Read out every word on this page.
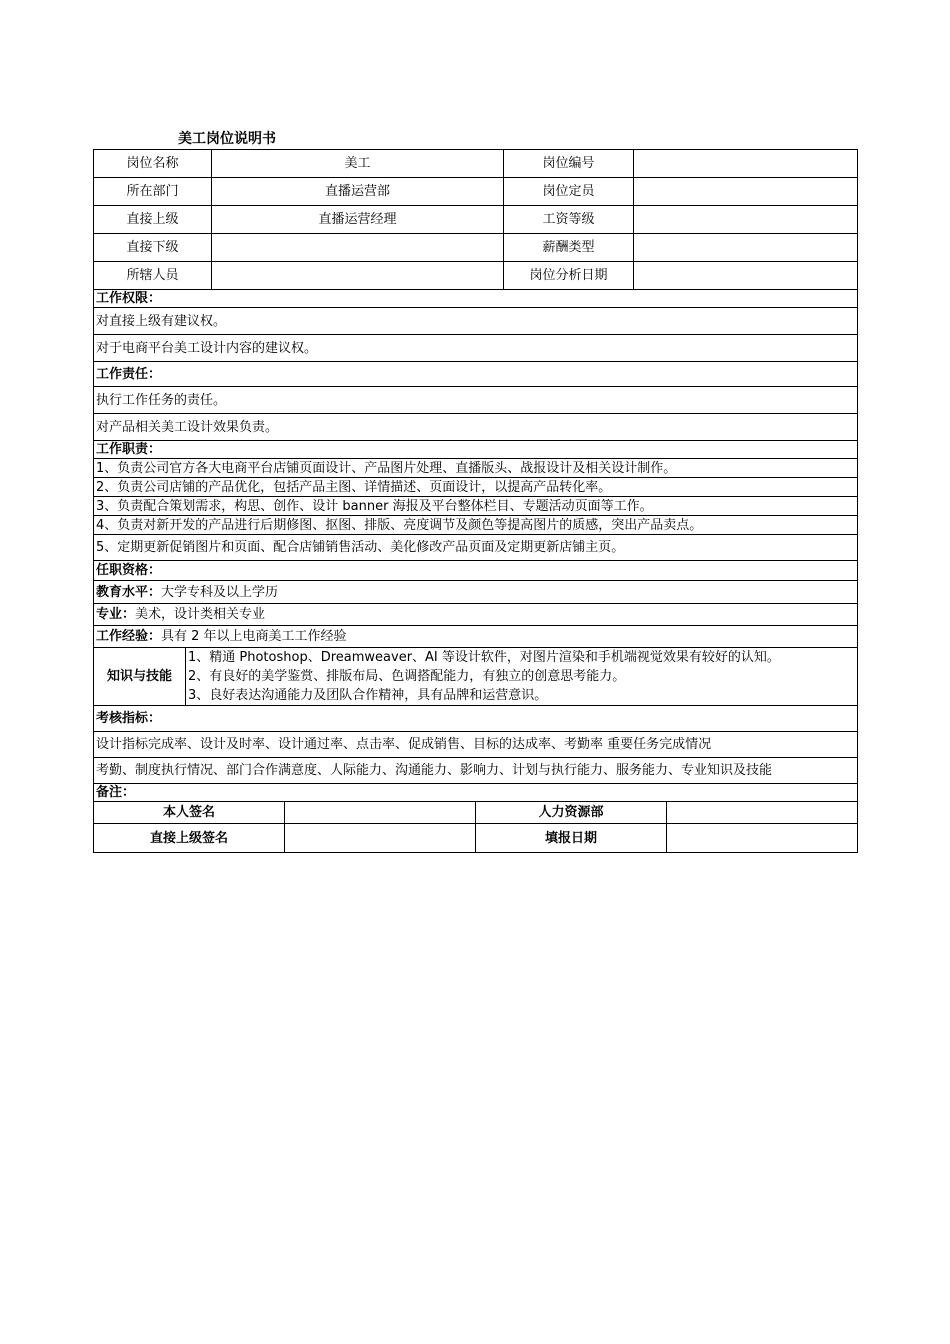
美工岗位说明书
岗位名称	美工	岗位编号	
所在部门	直播运营部	岗位定员	
直接上级	直播运营经理	工资等级	
直接下级		薪酬类型	
所辖人员		岗位分析日期	
工作权限：
对直接上级有建议权。
对于电商平台美工设计内容的建议权。
工作责任：
执行工作任务的责任。
对产品相关美工设计效果负责。
工作职责：
1、负责公司官方各大电商平台店铺页面设计、产品图片处理、直播版头、战报设计及相关设计制作。
2、负责公司店铺的产品优化，包括产品主图、详情描述、页面设计，以提高产品转化率。
3、负责配合策划需求，构思、创作、设计 banner 海报及平台整体栏目、专题活动页面等工作。
4、负责对新开发的产品进行后期修图、抠图、排版、亮度调节及颜色等提高图片的质感，突出产品卖点。
5、定期更新促销图片和页面、配合店铺销售活动、美化修改产品页面及定期更新店铺主页。
任职资格：
教育水平：大学专科及以上学历
专业：美术，设计类相关专业
工作经验：具有 2 年以上电商美工工作经验
知识与技能	
1、精通 Photoshop、Dreamweaver、AI 等设计软件，对图片渲染和手机端视觉效果有较好的认知。
2、有良好的美学鉴赏、排版布局、色调搭配能力，有独立的创意思考能力。
3、良好表达沟通能力及团队合作精神，具有品牌和运营意识。

考核指标：
设计指标完成率、设计及时率、设计通过率、点击率、促成销售、目标的达成率、考勤率 重要任务完成情况
考勤、制度执行情况、部门合作满意度、人际能力、沟通能力、影响力、计划与执行能力、服务能力、专业知识及技能
备注：
本人签名		人力资源部	
直接上级签名		填报日期	
